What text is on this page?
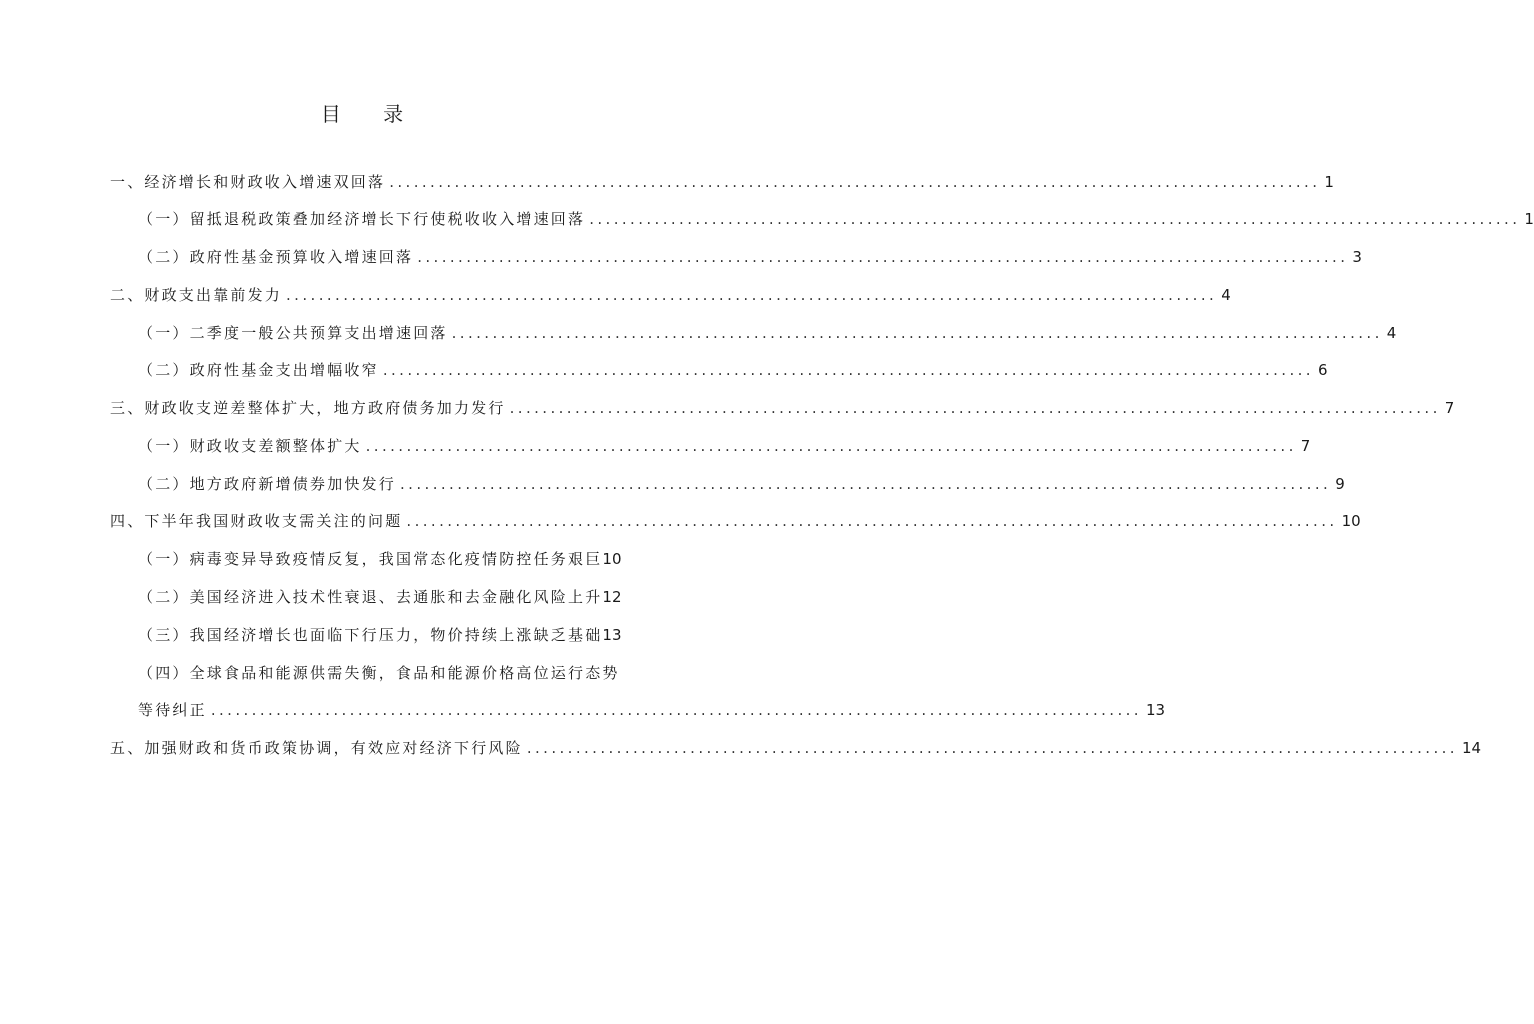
目 录
一、经济增长和财政收入增速双回落 .................................................................................................................. 1
（一）留抵退税政策叠加经济增长下行使税收收入增速回落 .................................................................................................................. 1
（二）政府性基金预算收入增速回落 .................................................................................................................. 3
二、财政支出靠前发力 .................................................................................................................. 4
（一）二季度一般公共预算支出增速回落 .................................................................................................................. 4
（二）政府性基金支出增幅收窄 .................................................................................................................. 6
三、财政收支逆差整体扩大，地方政府债务加力发行 .................................................................................................................. 7
（一）财政收支差额整体扩大 .................................................................................................................. 7
（二）地方政府新增债券加快发行 .................................................................................................................. 9
四、下半年我国财政收支需关注的问题 .................................................................................................................. 10
（一）病毒变异导致疫情反复，我国常态化疫情防控任务艰巨 10
（二）美国经济进入技术性衰退、去通胀和去金融化风险上升 12
（三）我国经济增长也面临下行压力，物价持续上涨缺乏基础 13
（四）全球食品和能源供需失衡，食品和能源价格高位运行态势
等待纠正 .................................................................................................................. 13
五、加强财政和货币政策协调，有效应对经济下行风险 .................................................................................................................. 14
